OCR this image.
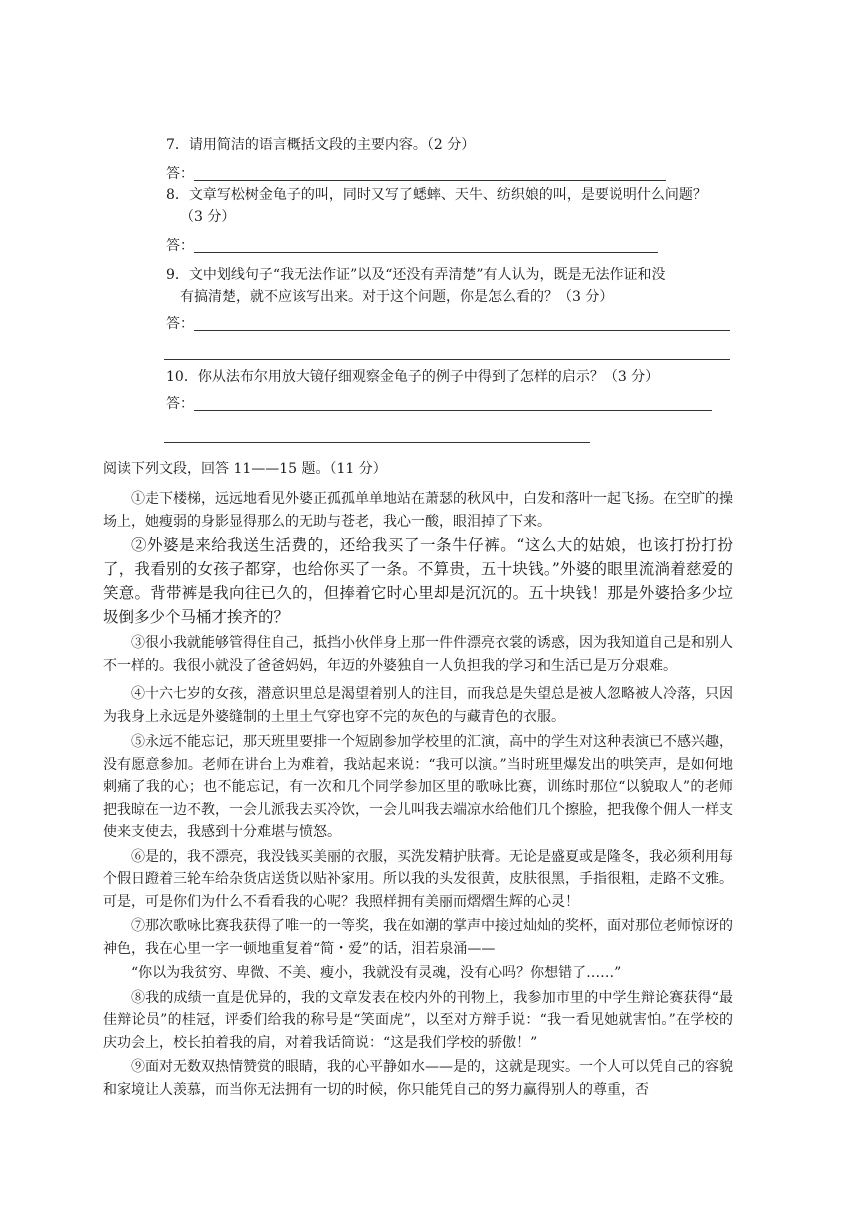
7．请用简洁的语言概括文段的主要内容。（2 分）
答：
8．文章写松树金龟子的叫，同时又写了蟋蟀、天牛、纺织娘的叫，是要说明什么问题？
（3 分）
答：
9．文中划线句子“我无法作证”以及“还没有弄清楚”有人认为，既是无法作证和没
有搞清楚，就不应该写出来。对于这个问题，你是怎么看的？（3 分）
答：
10．你从法布尔用放大镜仔细观察金龟子的例子中得到了怎样的启示？（3 分）
答：
阅读下列文段，回答 11——15 题。（11 分）

①走下楼梯，远远地看见外婆正孤孤单单地站在萧瑟的秋风中，白发和落叶一起飞扬。在空旷的操场上，她瘦弱的身影显得那么的无助与苍老，我心一酸，眼泪掉了下来。

②外婆是来给我送生活费的，还给我买了一条牛仔裤。“这么大的姑娘，也该打扮打扮了，我看别的女孩子都穿，也给你买了一条。不算贵，五十块钱。”外婆的眼里流淌着慈爱的笑意。背带裤是我向往已久的，但捧着它时心里却是沉沉的。五十块钱！那是外婆拾多少垃圾倒多少个马桶才挨齐的？

③很小我就能够管得住自己，抵挡小伙伴身上那一件件漂亮衣裳的诱惑，因为我知道自己是和别人不一样的。我很小就没了爸爸妈妈，年迈的外婆独自一人负担我的学习和生活已是万分艰难。

④十六七岁的女孩，潜意识里总是渴望着别人的注目，而我总是失望总是被人忽略被人冷落，只因为我身上永远是外婆缝制的土里土气穿也穿不完的灰色的与藏青色的衣服。

⑤永远不能忘记，那天班里要排一个短剧参加学校里的汇演，高中的学生对这种表演已不感兴趣，没有愿意参加。老师在讲台上为难着，我站起来说：“我可以演。”当时班里爆发出的哄笑声，是如何地刺痛了我的心；也不能忘记，有一次和几个同学参加区里的歌咏比赛，训练时那位“以貌取人”的老师把我晾在一边不教，一会儿派我去买冷饮，一会儿叫我去端凉水给他们几个擦脸，把我像个佣人一样支使来支使去，我感到十分难堪与愤怒。

⑥是的，我不漂亮，我没钱买美丽的衣服，买洗发精护肤膏。无论是盛夏或是隆冬，我必须利用每个假日蹬着三轮车给杂货店送货以贴补家用。所以我的头发很黄，皮肤很黑，手指很粗，走路不文雅。可是，可是你们为什么不看看我的心呢？我照样拥有美丽而熠熠生辉的心灵！

⑦那次歌咏比赛我获得了唯一的一等奖，我在如潮的掌声中接过灿灿的奖杯，面对那位老师惊讶的神色，我在心里一字一顿地重复着“简・爱”的话，泪若泉涌——

“你以为我贫穷、卑微、不美、瘦小，我就没有灵魂，没有心吗？你想错了……”

⑧我的成绩一直是优异的，我的文章发表在校内外的刊物上，我参加市里的中学生辩论赛获得“最佳辩论员”的桂冠，评委们给我的称号是“笑面虎”，以至对方辩手说：“我一看见她就害怕。”在学校的庆功会上，校长拍着我的肩，对着我话筒说：“这是我们学校的骄傲！”

⑨面对无数双热情赞赏的眼睛，我的心平静如水——是的，这就是现实。一个人可以凭自己的容貌和家境让人羡慕，而当你无法拥有一切的时候，你只能凭自己的努力赢得别人的尊重，否
